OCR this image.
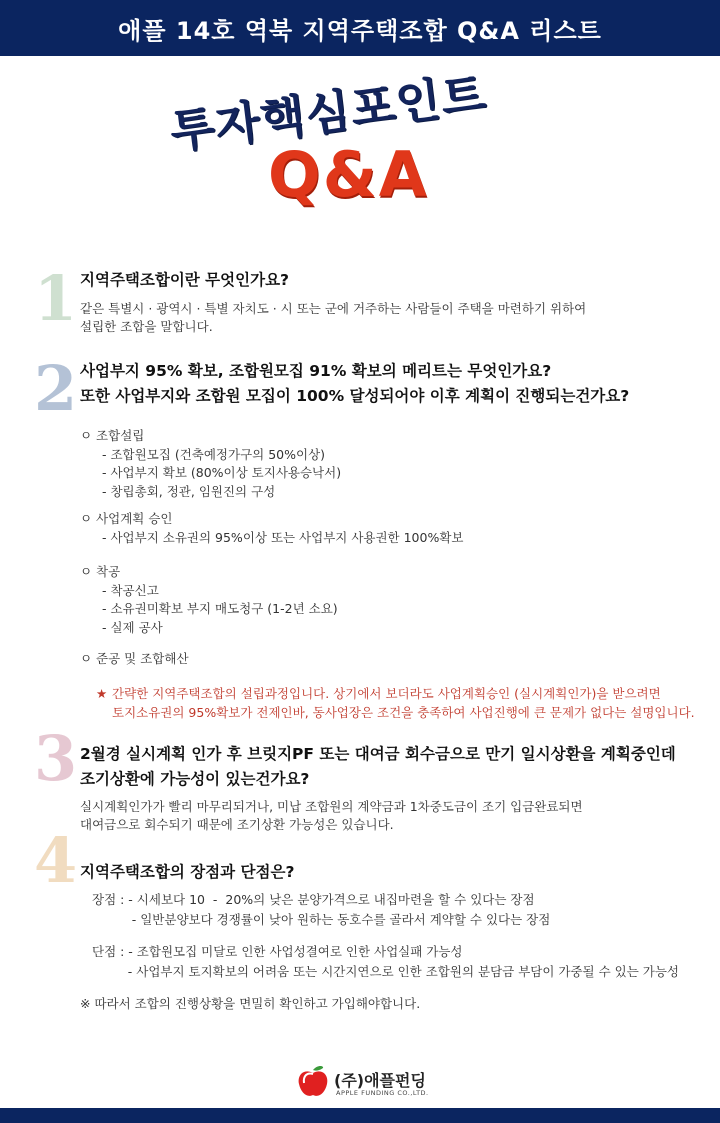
애플 14호 역북 지역주택조합 Q&A 리스트
투자핵심포인트
Q&A
1 지역주택조합이란 무엇인가요?

같은 특별시 · 광역시 · 특별 자치도 · 시 또는 군에 거주하는 사람들이 주택을 마련하기 위하여

설립한 조합을 말합니다.

2 사업부지 95% 확보, 조합원모집 91% 확보의 메리트는 무엇인가요?
또한 사업부지와 조합원 모집이 100% 달성되어야 이후 계획이 진행되는건가요?

ㅇ 조합설립

- 조합원모집 (건축예정가구의 50%이상)

- 사업부지 확보 (80%이상 토지사용승낙서)

- 창립총회, 정관, 임원진의 구성

ㅇ 사업계획 승인

- 사업부지 소유권의 95%이상 또는 사업부지 사용권한 100%확보

ㅇ 착공

- 착공신고

- 소유권미확보 부지 매도청구 (1-2년 소요)

- 실제 공사

ㅇ 준공 및 조합해산

★ 간략한 지역주택조합의 설립과정입니다. 상기에서 보더라도 사업계획승인 (실시계획인가)을 받으려면

토지소유권의 95%확보가 전제인바, 동사업장은 조건을 충족하여 사업진행에 큰 문제가 없다는 설명입니다.

3 2월경 실시계획 인가 후 브릿지PF 또는 대여금 회수금으로 만기 일시상환을 계획중인데
조기상환에 가능성이 있는건가요?

실시계획인가가 빨리 마무리되거나, 미납 조합원의 계약금과 1차중도금이 조기 입금완료되면

대여금으로 회수되기 때문에 조기상환 가능성은 있습니다.

4 지역주택조합의 장점과 단점은?

장점 : - 시세보다 10  -  20%의 낮은 분양가격으로 내집마련을 할 수 있다는 장점

- 일반분양보다 경쟁률이 낮아 원하는 동호수를 골라서 계약할 수 있다는 장점

단점 : - 조합원모집 미달로 인한 사업성결여로 인한 사업실패 가능성

- 사업부지 토지확보의 어려움 또는 시간지연으로 인한 조합원의 분담금 부담이 가중될 수 있는 가능성

※ 따라서 조합의 진행상황을 면밀히 확인하고 가입해야합니다.
(주)애플펀딩
APPLE FUNDING CO.,LTD.
